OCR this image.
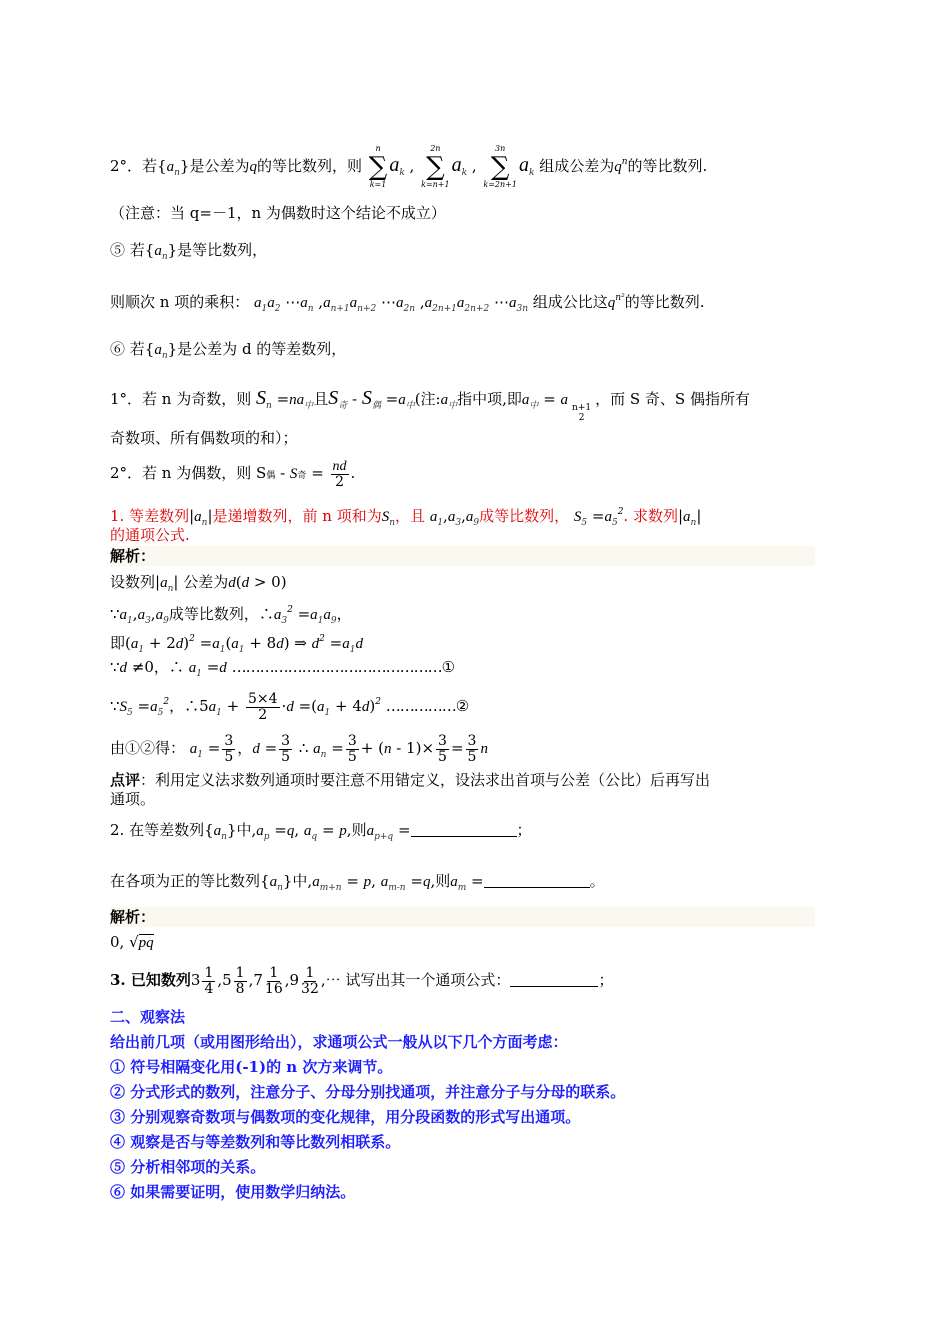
2°．若$\{a_n\}$是公差为q的等比数列，则
n
∑
k=1
$a_k$ ,
2n
∑
k=n+1
$a_k$ ,
3n
∑
k=2n+1
$a_k$ 组成公差为$q^n$的等比数列.
（注意：当 q=－1，n 为偶数时这个结论不成立）
⑤ 若$\{a_n\}$是等比数列，
则顺次 n 项的乘积： $a_1a_2$ $\cdots a_n$ $,a_{n+1}a_{n+2}$ $\cdots a_{2n}$ $,a_{2n+1}a_{2n+2}$ $\cdots a_{3n}$ 组成公比这$q^{n^2}$的等比数列.
⑥ 若$\{a_n\}$是公差为 d 的等差数列，
1°．若 n 为奇数，则 $S_n =na_中$且$S_奇 - S_偶 =a_中$(注$:a_中$指中项,即$a_中 = a$ n+1
2
，而 S 奇、S 偶指所有
奇数项、所有偶数项的和）；
2°．若 n 为偶数，则 S偶 - S奇 = $\frac{nd}{2}$ .
1. 等差数列$|a_n|$是递增数列，前 n 项和为$S_n$，且 $a_1,a_3,a_9$成等比数列， $S_5 =a_5^2$. 求数列$|a_n|$
的通项公式.
解析：
设数列$|a_n|$ 公差为d(d > 0)
$\because a_1,a_3,a_9$成等比数列，$\therefore a_3^2 =a_1a_9$，
即$(a_1 + 2d)^2 =a_1(a_1 + 8d)$ ⇒ $d^2 =a_1d$
∵d ≠0，∴ $a_1 =d$ ………………………………………①
$\because S_5 =a_5^2$，$\therefore 5a_1 + \frac{5\times 4}{2} \cdot d =(a_1 + 4d)^2$ ……………②
由①②得： $a_1 = \frac{3}{5}$ ，$d = \frac{3}{5}$ ∴ $a_n = \frac{3}{5} + (n - 1)\times \frac{3}{5} = \frac{3}{5}$ n
点评：利用定义法求数列通项时要注意不用错定义，设法求出首项与公差（公比）后再写出
通项。
2. 在等差数列$\{a_n\}$中$,a_p =q$, $a_q = p$,则$a_{p+q}$ =	；
在各项为正的等比数列$\{a_n\}$中$,a_{m+n} = p$, $a_{m-n} =q$,则$a_m$ =	。
解析：
0, √pq
3. 已知数列$3 \frac{1}{4} ,5 \frac{1}{8} ,7 \frac{1}{16} ,9 \frac{1}{32}$ ,⋯ 试写出其一个通项公式：	；
二、观察法
给出前几项（或用图形给出），求通项公式一般从以下几个方面考虑：
① 符号相隔变化用(-1)的 n 次方来调节。
② 分式形式的数列，注意分子、分母分别找通项，并注意分子与分母的联系。
③ 分别观察奇数项与偶数项的变化规律，用分段函数的形式写出通项。
④ 观察是否与等差数列和等比数列相联系。
⑤ 分析相邻项的关系。
⑥ 如果需要证明，使用数学归纳法。
